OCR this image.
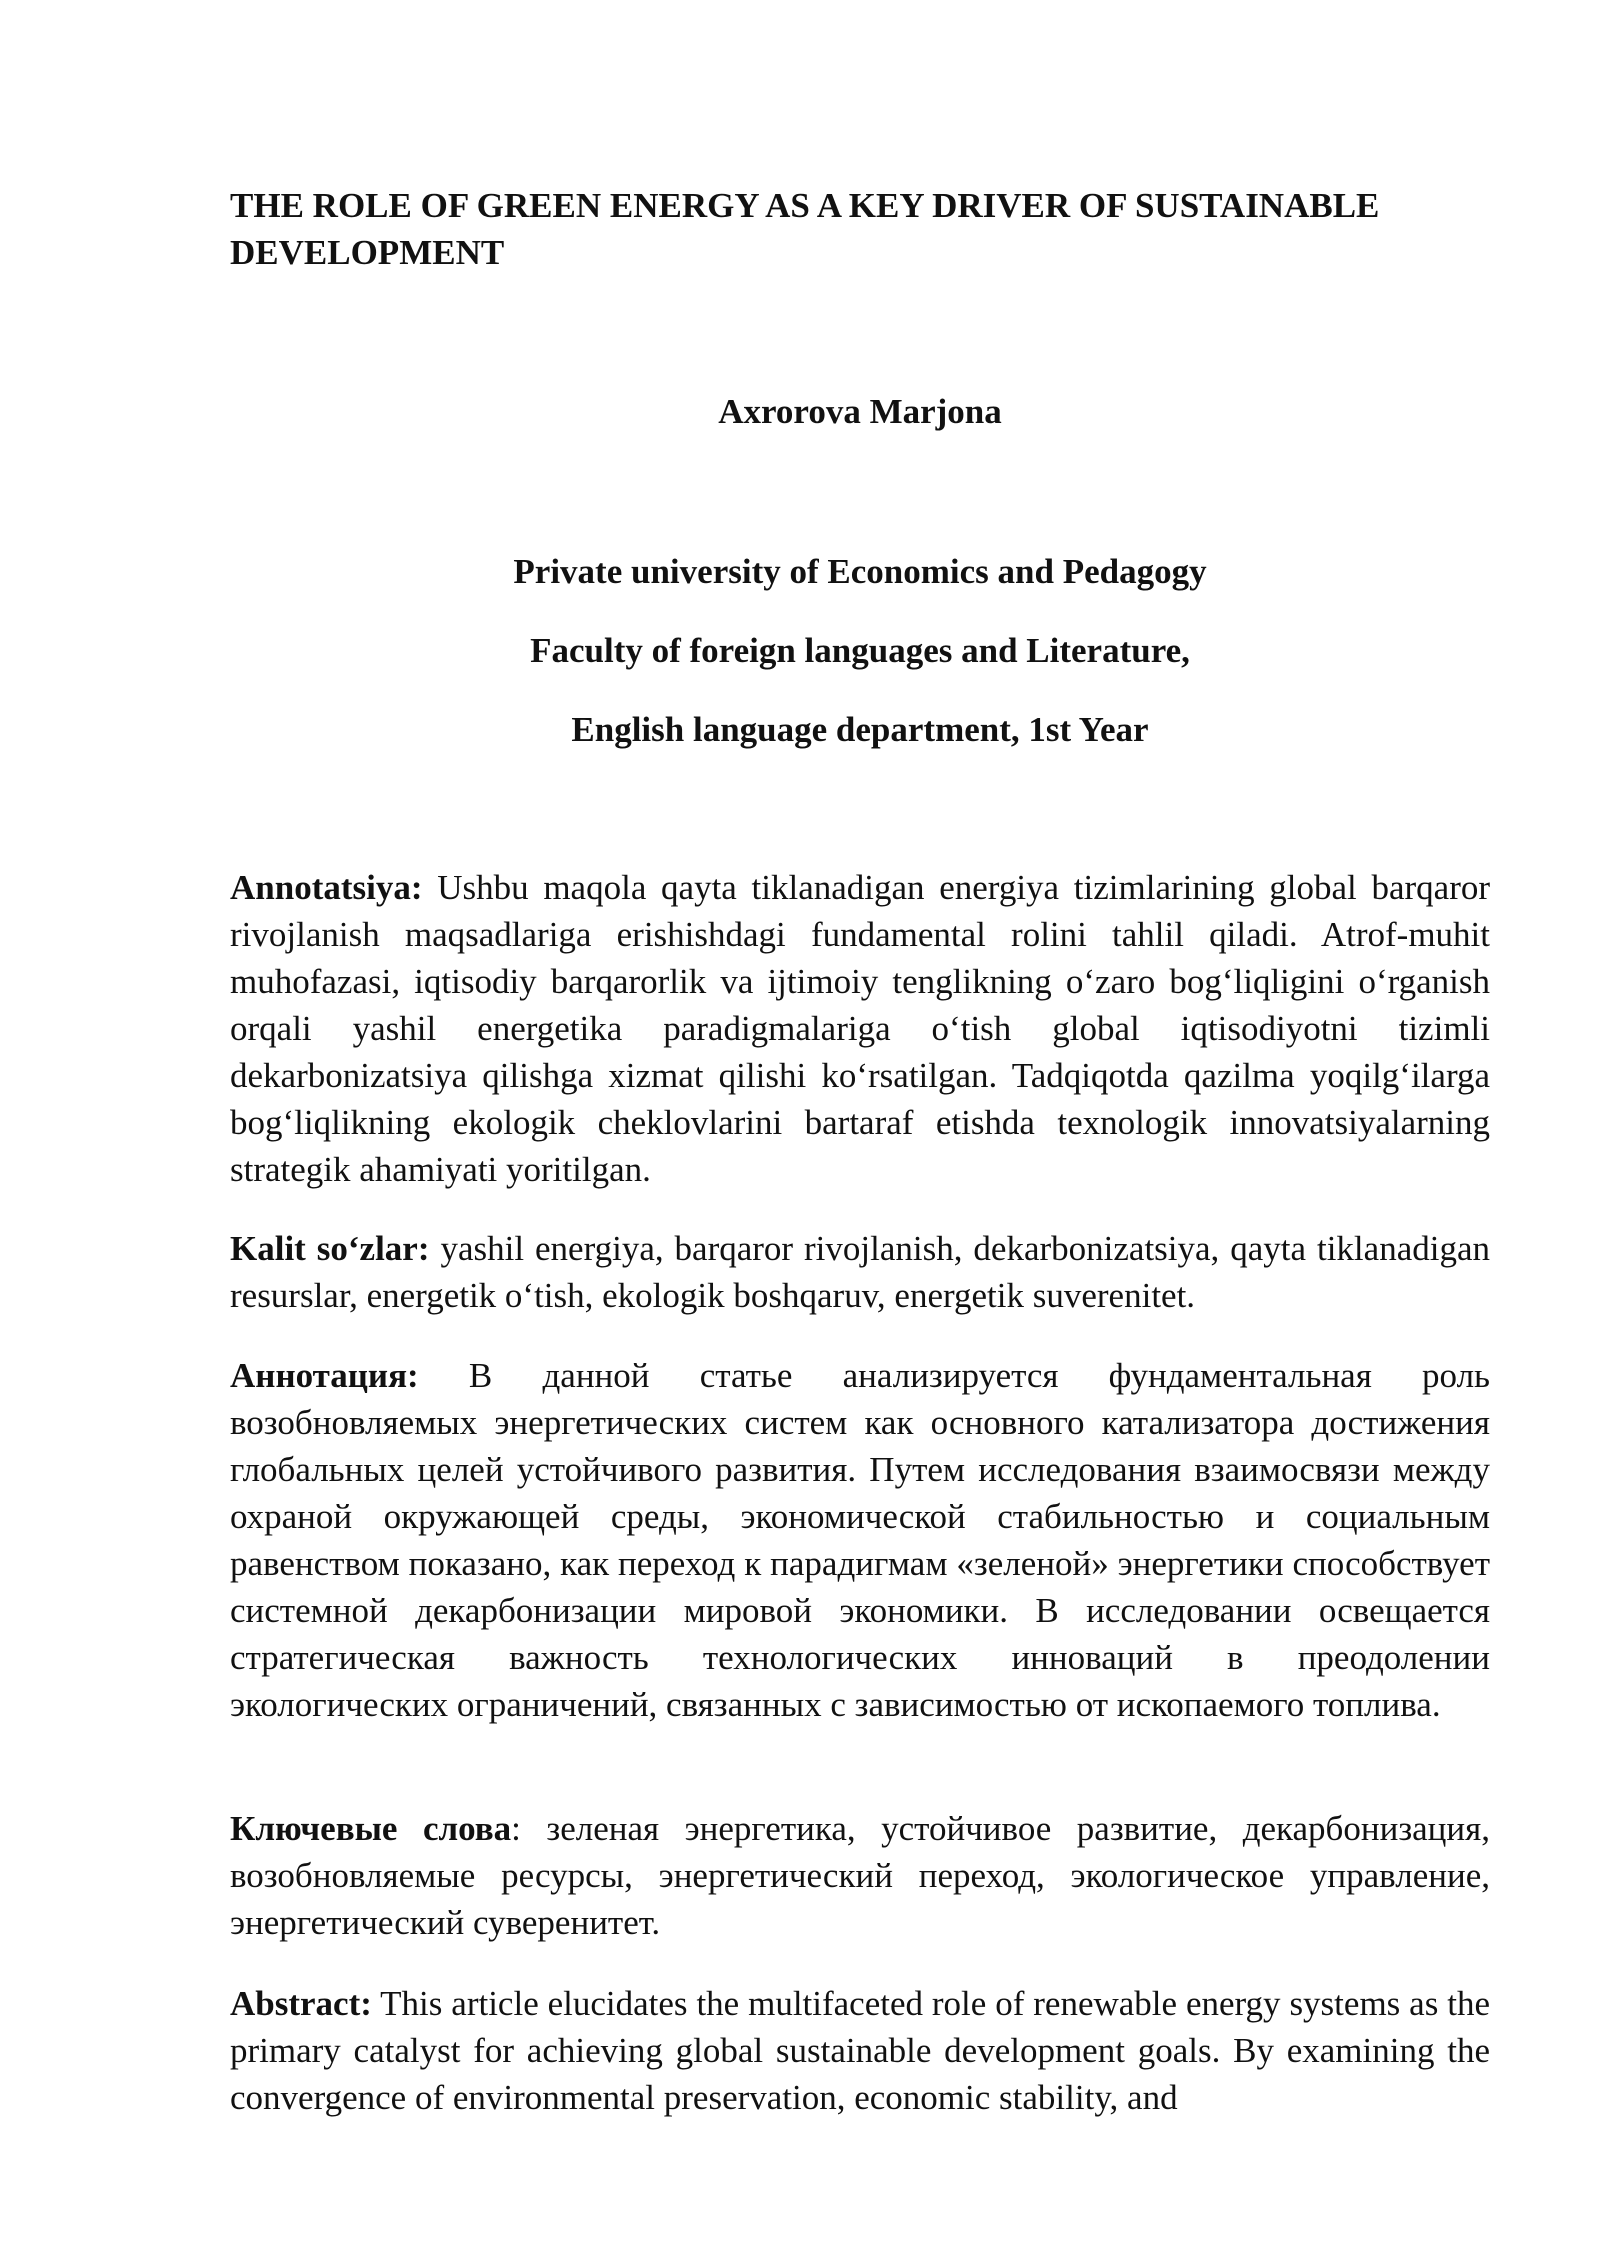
THE ROLE OF GREEN ENERGY AS A KEY DRIVER OF SUSTAINABLE DEVELOPMENT

Axrorova Marjona

Private university of Economics and Pedagogy

Faculty of foreign languages and Literature,

English language department, 1st Year

Annotatsiya: Ushbu maqola qayta tiklanadigan energiya tizimlarining global barqaror rivojlanish maqsadlariga erishishdagi fundamental rolini tahlil qiladi. Atrof-muhit muhofazasi, iqtisodiy barqarorlik va ijtimoiy tenglikning o‘zaro bog‘liqligini o‘rganish orqali yashil energetika paradigmalariga o‘tish global iqtisodiyotni tizimli dekarbonizatsiya qilishga xizmat qilishi ko‘rsatilgan. Tadqiqotda qazilma yoqilg‘ilarga bog‘liqlikning ekologik cheklovlarini bartaraf etishda texnologik innovatsiyalarning strategik ahamiyati yoritilgan.

Kalit so‘zlar: yashil energiya, barqaror rivojlanish, dekarbonizatsiya, qayta tiklanadigan resurslar, energetik o‘tish, ekologik boshqaruv, energetik suverenitet.

Аннотация: В данной статье анализируется фундаментальная роль возобновляемых энергетических систем как основного катализатора достижения глобальных целей устойчивого развития. Путем исследования взаимосвязи между охраной окружающей среды, экономической стабильностью и социальным равенством показано, как переход к парадигмам «зеленой» энергетики способствует системной декарбонизации мировой экономики. В исследовании освещается стратегическая важность технологических инноваций в преодолении экологических ограничений, связанных с зависимостью от ископаемого топлива.

Ключевые слова: зеленая энергетика, устойчивое развитие, декарбонизация, возобновляемые ресурсы, энергетический переход, экологическое управление, энергетический суверенитет.

Abstract: This article elucidates the multifaceted role of renewable energy systems as the primary catalyst for achieving global sustainable development goals. By examining the convergence of environmental preservation, economic stability, and
